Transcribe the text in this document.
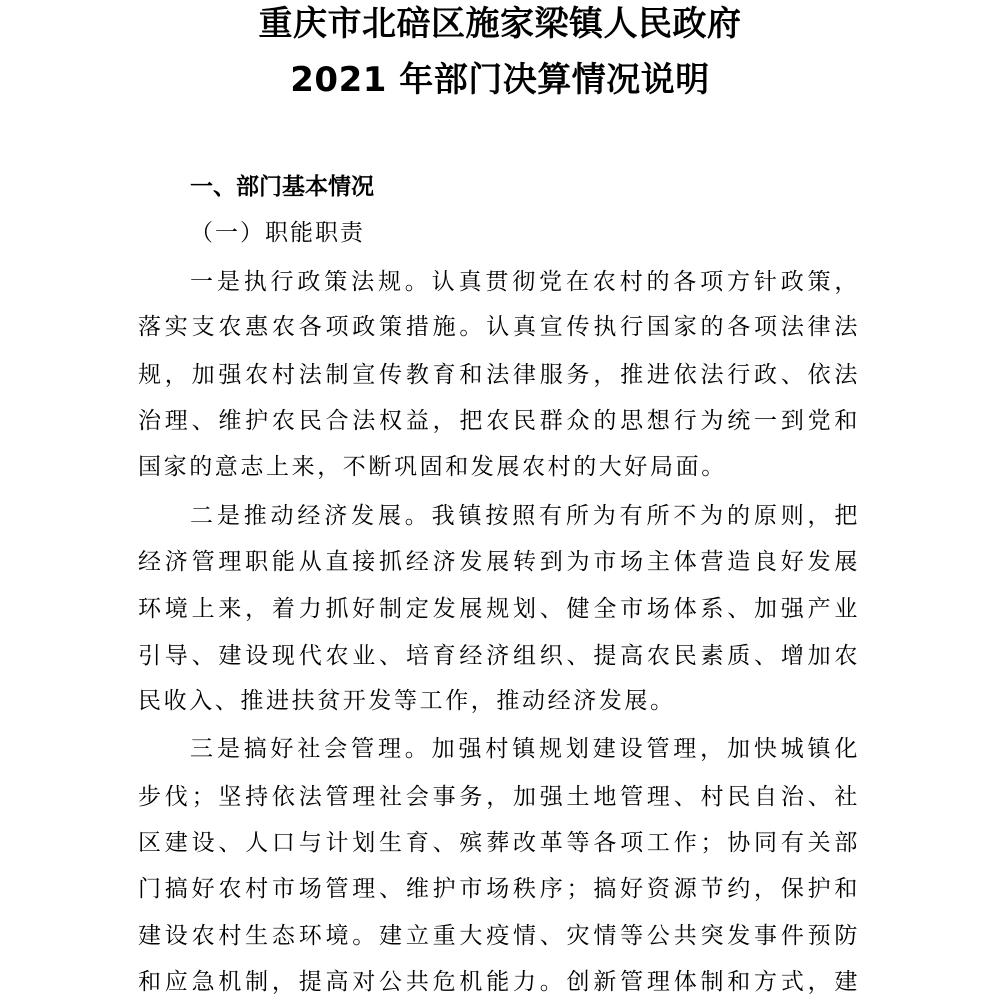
重庆市北碚区施家梁镇人民政府
2021 年部门决算情况说明
一、部门基本情况
（一）职能职责
一是执行政策法规。认真贯彻党在农村的各项方针政策，
落实支农惠农各项政策措施。认真宣传执行国家的各项法律法
规，加强农村法制宣传教育和法律服务，推进依法行政、依法
治理、维护农民合法权益，把农民群众的思想行为统一到党和
国家的意志上来，不断巩固和发展农村的大好局面。
二是推动经济发展。我镇按照有所为有所不为的原则，把
经济管理职能从直接抓经济发展转到为市场主体营造良好发展
环境上来，着力抓好制定发展规划、健全市场体系、加强产业
引导、建设现代农业、培育经济组织、提高农民素质、增加农
民收入、推进扶贫开发等工作，推动经济发展。
三是搞好社会管理。加强村镇规划建设管理，加快城镇化
步伐；坚持依法管理社会事务，加强土地管理、村民自治、社
区建设、人口与计划生育、殡葬改革等各项工作；协同有关部
门搞好农村市场管理、维护市场秩序；搞好资源节约，保护和
建设农村生态环境。建立重大疫情、灾情等公共突发事件预防
和应急机制，提高对公共危机能力。创新管理体制和方式，建
